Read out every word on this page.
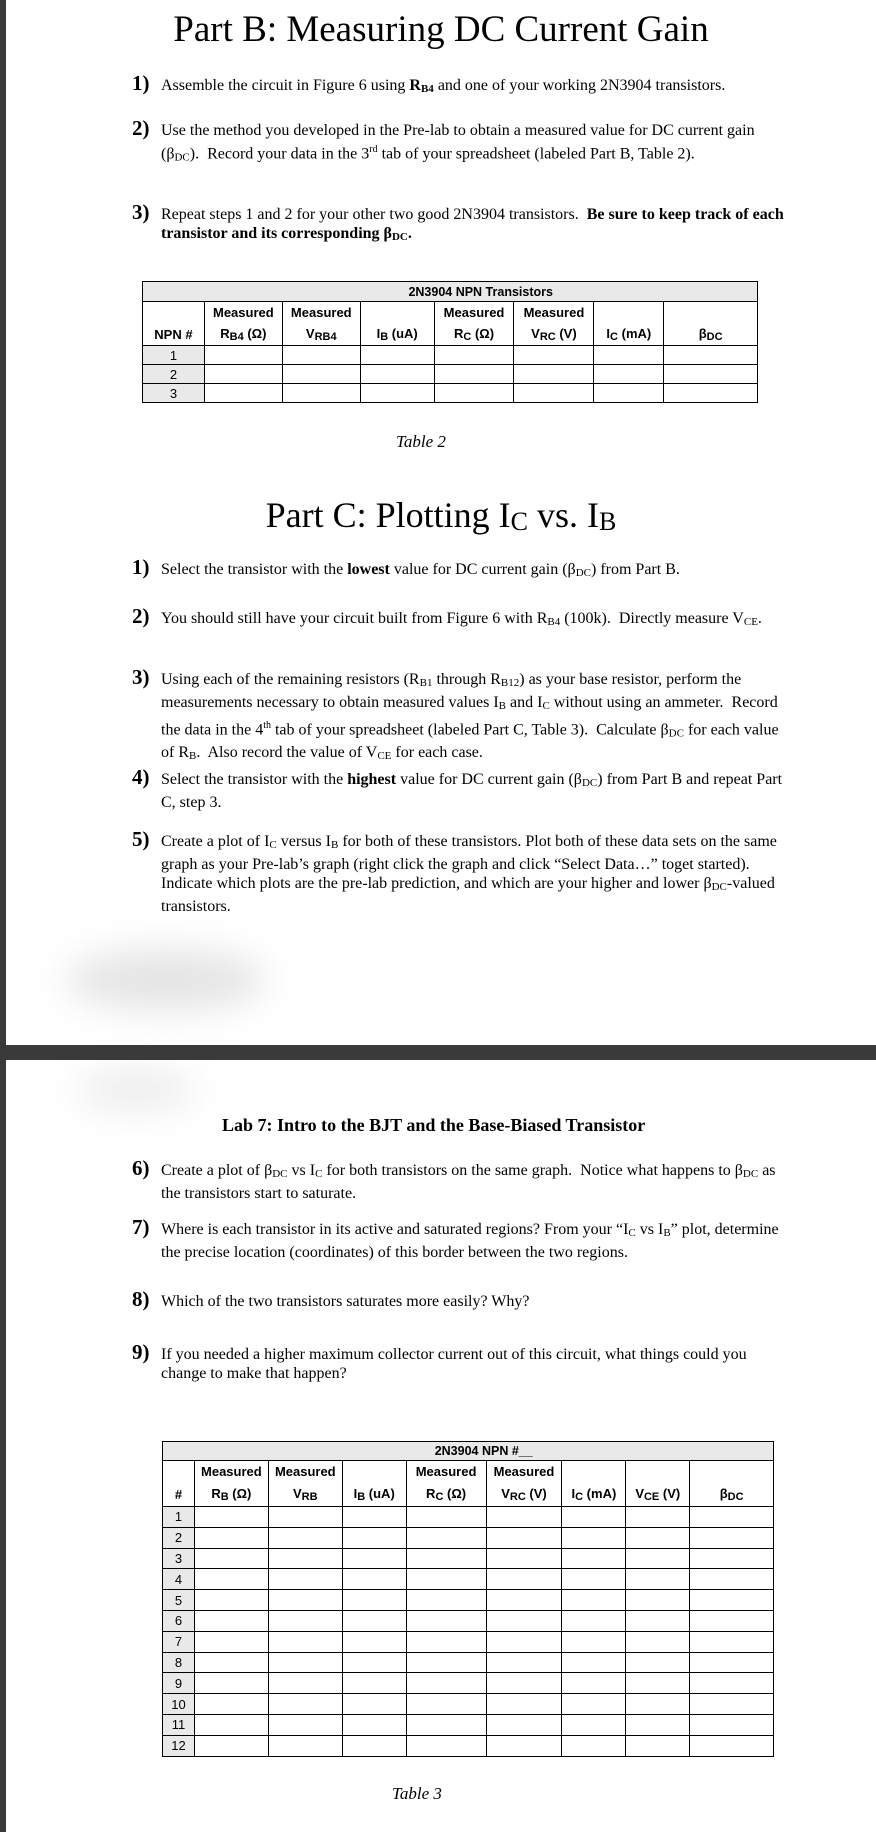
Part B: Measuring DC Current Gain
1) Assemble the circuit in Figure 6 using $R_{B4}$ and one of your working 2N3904 transistors.
2) Use the method you developed in the Pre-lab to obtain a measured value for DC current gain $(\beta_{DC})$.  Record your data in the 3rd tab of your spreadsheet (labeled Part B, Table 2).
3) Repeat steps 1 and 2 for your other two good 2N3904 transistors.  Be sure to keep track of each transistor and its corresponding $\beta_{DC}$.
	2N3904 NPN Transistors						
	Measured	Measured		Measured	Measured		
NPN #	$R_{B4}$ (Ω)	$V_{RB4}$	$I_B$ (uA)	$R_C$ (Ω)	$V_{RC}$ (V)	$I_C$ (mA)	$\beta_{DC}$
1							
2							
3							
Table 2
Part C: Plotting $I_C$ vs. $I_B$
1) Select the transistor with the lowest value for DC current gain $(\beta_{DC})$ from Part B.
2) You should still have your circuit built from Figure 6 with $R_{B4}$ (100k).  Directly measure $V_{CE}$.
3) Using each of the remaining resistors ($R_{B1}$ through $R_{B12}$) as your base resistor, perform the measurements necessary to obtain measured values $I_B$ and $I_C$ without using an ammeter.  Record the data in the 4th tab of your spreadsheet (labeled Part C, Table 3).  Calculate $\beta_{DC}$ for each value of $R_B$.  Also record the value of $V_{CE}$ for each case.
4) Select the transistor with the highest value for DC current gain $(\beta_{DC})$ from Part B and repeat Part C, step 3.
5) Create a plot of $I_C$ versus $I_B$ for both of these transistors. Plot both of these data sets on the same graph as your Pre-lab’s graph (right click the graph and click “Select Data…” toget started). Indicate which plots are the pre-lab prediction, and which are your higher and lower $\beta_{DC}$-valued transistors.
Lab 7: Intro to the BJT and the Base-Biased Transistor
6) Create a plot of $\beta_{DC}$ vs $I_C$ for both transistors on the same graph.  Notice what happens to $\beta_{DC}$ as the transistors start to saturate.
7) Where is each transistor in its active and saturated regions? From your “$I_C$ vs $I_B$” plot, determine the precise location (coordinates) of this border between the two regions.
8) Which of the two transistors saturates more easily? Why?
9) If you needed a higher maximum collector current out of this circuit, what things could you change to make that happen?
	2N3904 NPN #__							
	Measured	Measured		Measured	Measured			
#	$R_B$ (Ω)	$V_{RB}$	$I_B$ (uA)	$R_C$ (Ω)	$V_{RC}$ (V)	$I_C$ (mA)	$V_{CE}$ (V)	$\beta_{DC}$
1								
2								
3								
4								
5								
6								
7								
8								
9								
10								
11								
12								
Table 3
